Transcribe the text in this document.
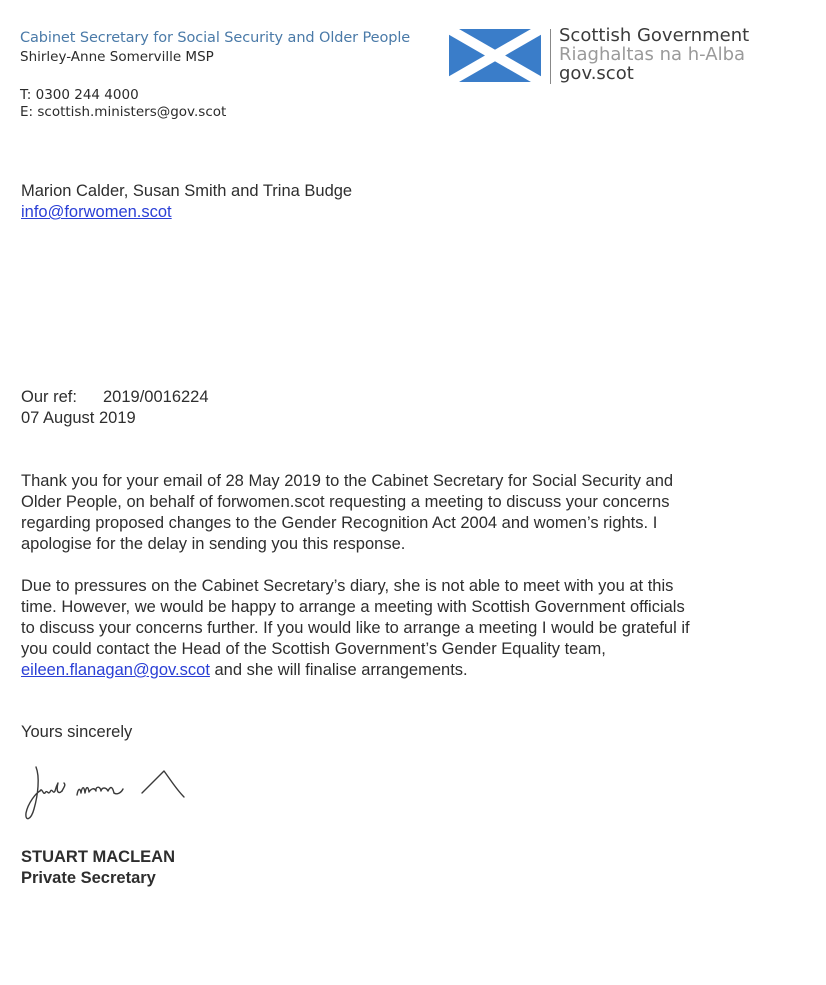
Cabinet Secretary for Social Security and Older People
Shirley-Anne Somerville MSP
T: 0300 244 4000
E: scottish.ministers@gov.scot
Scottish Government
Riaghaltas na h-Alba
gov.scot
Marion Calder, Susan Smith and Trina Budge
info@forwomen.scot
Our ref: 2019/0016224
07 August 2019
Thank you for your email of 28 May 2019 to the Cabinet Secretary for Social Security and
Older People, on behalf of forwomen.scot requesting a meeting to discuss your concerns
regarding proposed changes to the Gender Recognition Act 2004 and women’s rights. I
apologise for the delay in sending you this response.
Due to pressures on the Cabinet Secretary’s diary, she is not able to meet with you at this
time. However, we would be happy to arrange a meeting with Scottish Government officials
to discuss your concerns further. If you would like to arrange a meeting I would be grateful if
you could contact the Head of the Scottish Government’s Gender Equality team,
eileen.flanagan@gov.scot and she will finalise arrangements.
Yours sincerely
STUART MACLEAN
Private Secretary
